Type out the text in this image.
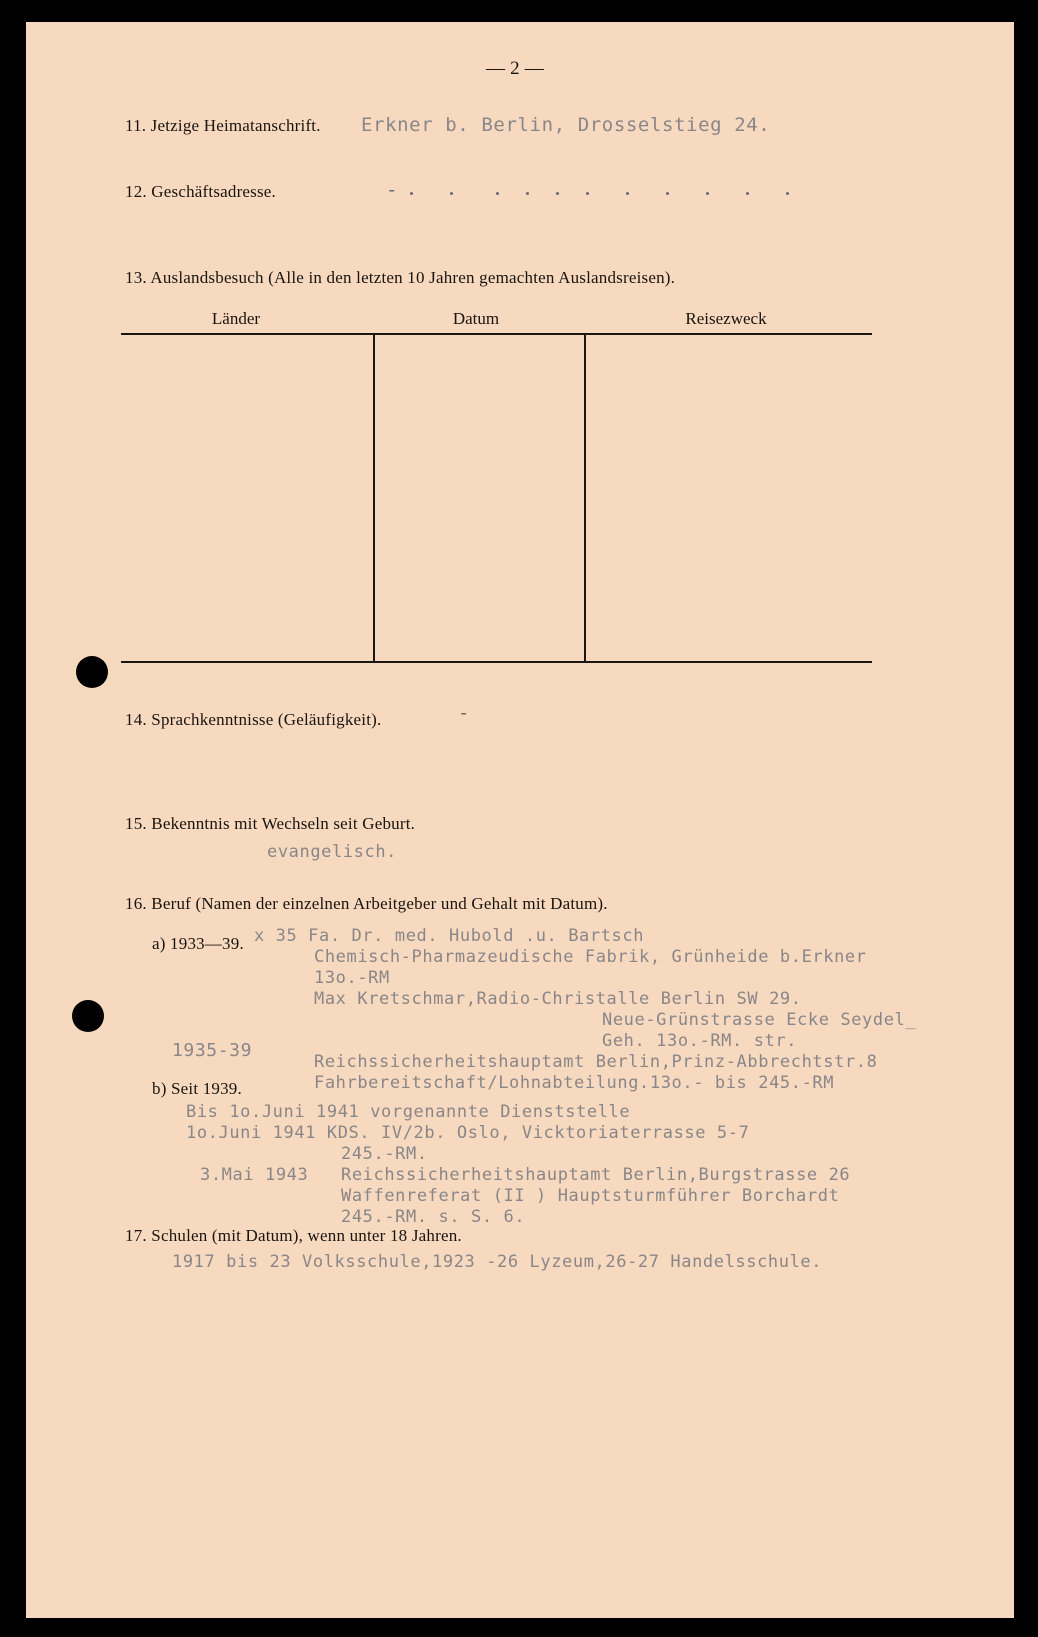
— 2 —
11. Jetzige Heimatanschrift. Erkner b. Berlin, Drosselstieg 24.
12. Geschäftsadresse.	-
13. Auslandsbesuch (Alle in den letzten 10 Jahren gemachten Auslandsreisen).
Länder	Datum	Reisezweck
14. Sprachkenntnisse (Geläufigkeit).	-
15. Bekenntnis mit Wechseln seit Geburt.
evangelisch.
16. Beruf (Namen der einzelnen Arbeitgeber und Gehalt mit Datum).
a) 1933—39. x 35 Fa. Dr. med. Hubold .u. Bartsch
Chemisch-Pharmazeudische Fabrik, Grünheide b.Erkner
13o.-RM
Max Kretschmar,Radio-Christalle Berlin SW 29.
Neue-Grünstrasse Ecke Seydel_
Geh. 13o.-RM. str.
1935-39
Reichssicherheitshauptamt Berlin,Prinz-Abbrechtstr.8
Fahrbereitschaft/Lohnabteilung.13o.- bis 245.-RM
b) Seit 1939.
Bis 1o.Juni 1941 vorgenannte Dienststelle
1o.Juni 1941 KDS. IV/2b. Oslo, Vicktoriaterrasse 5-7
245.-RM.
3.Mai 1943 Reichssicherheitshauptamt Berlin,Burgstrasse 26
Waffenreferat (II ) Hauptsturmführer Borchardt
245.-RM. s. S. 6.
17. Schulen (mit Datum), wenn unter 18 Jahren.
1917 bis 23 Volksschule,1923 -26 Lyzeum,26-27 Handelsschule.
